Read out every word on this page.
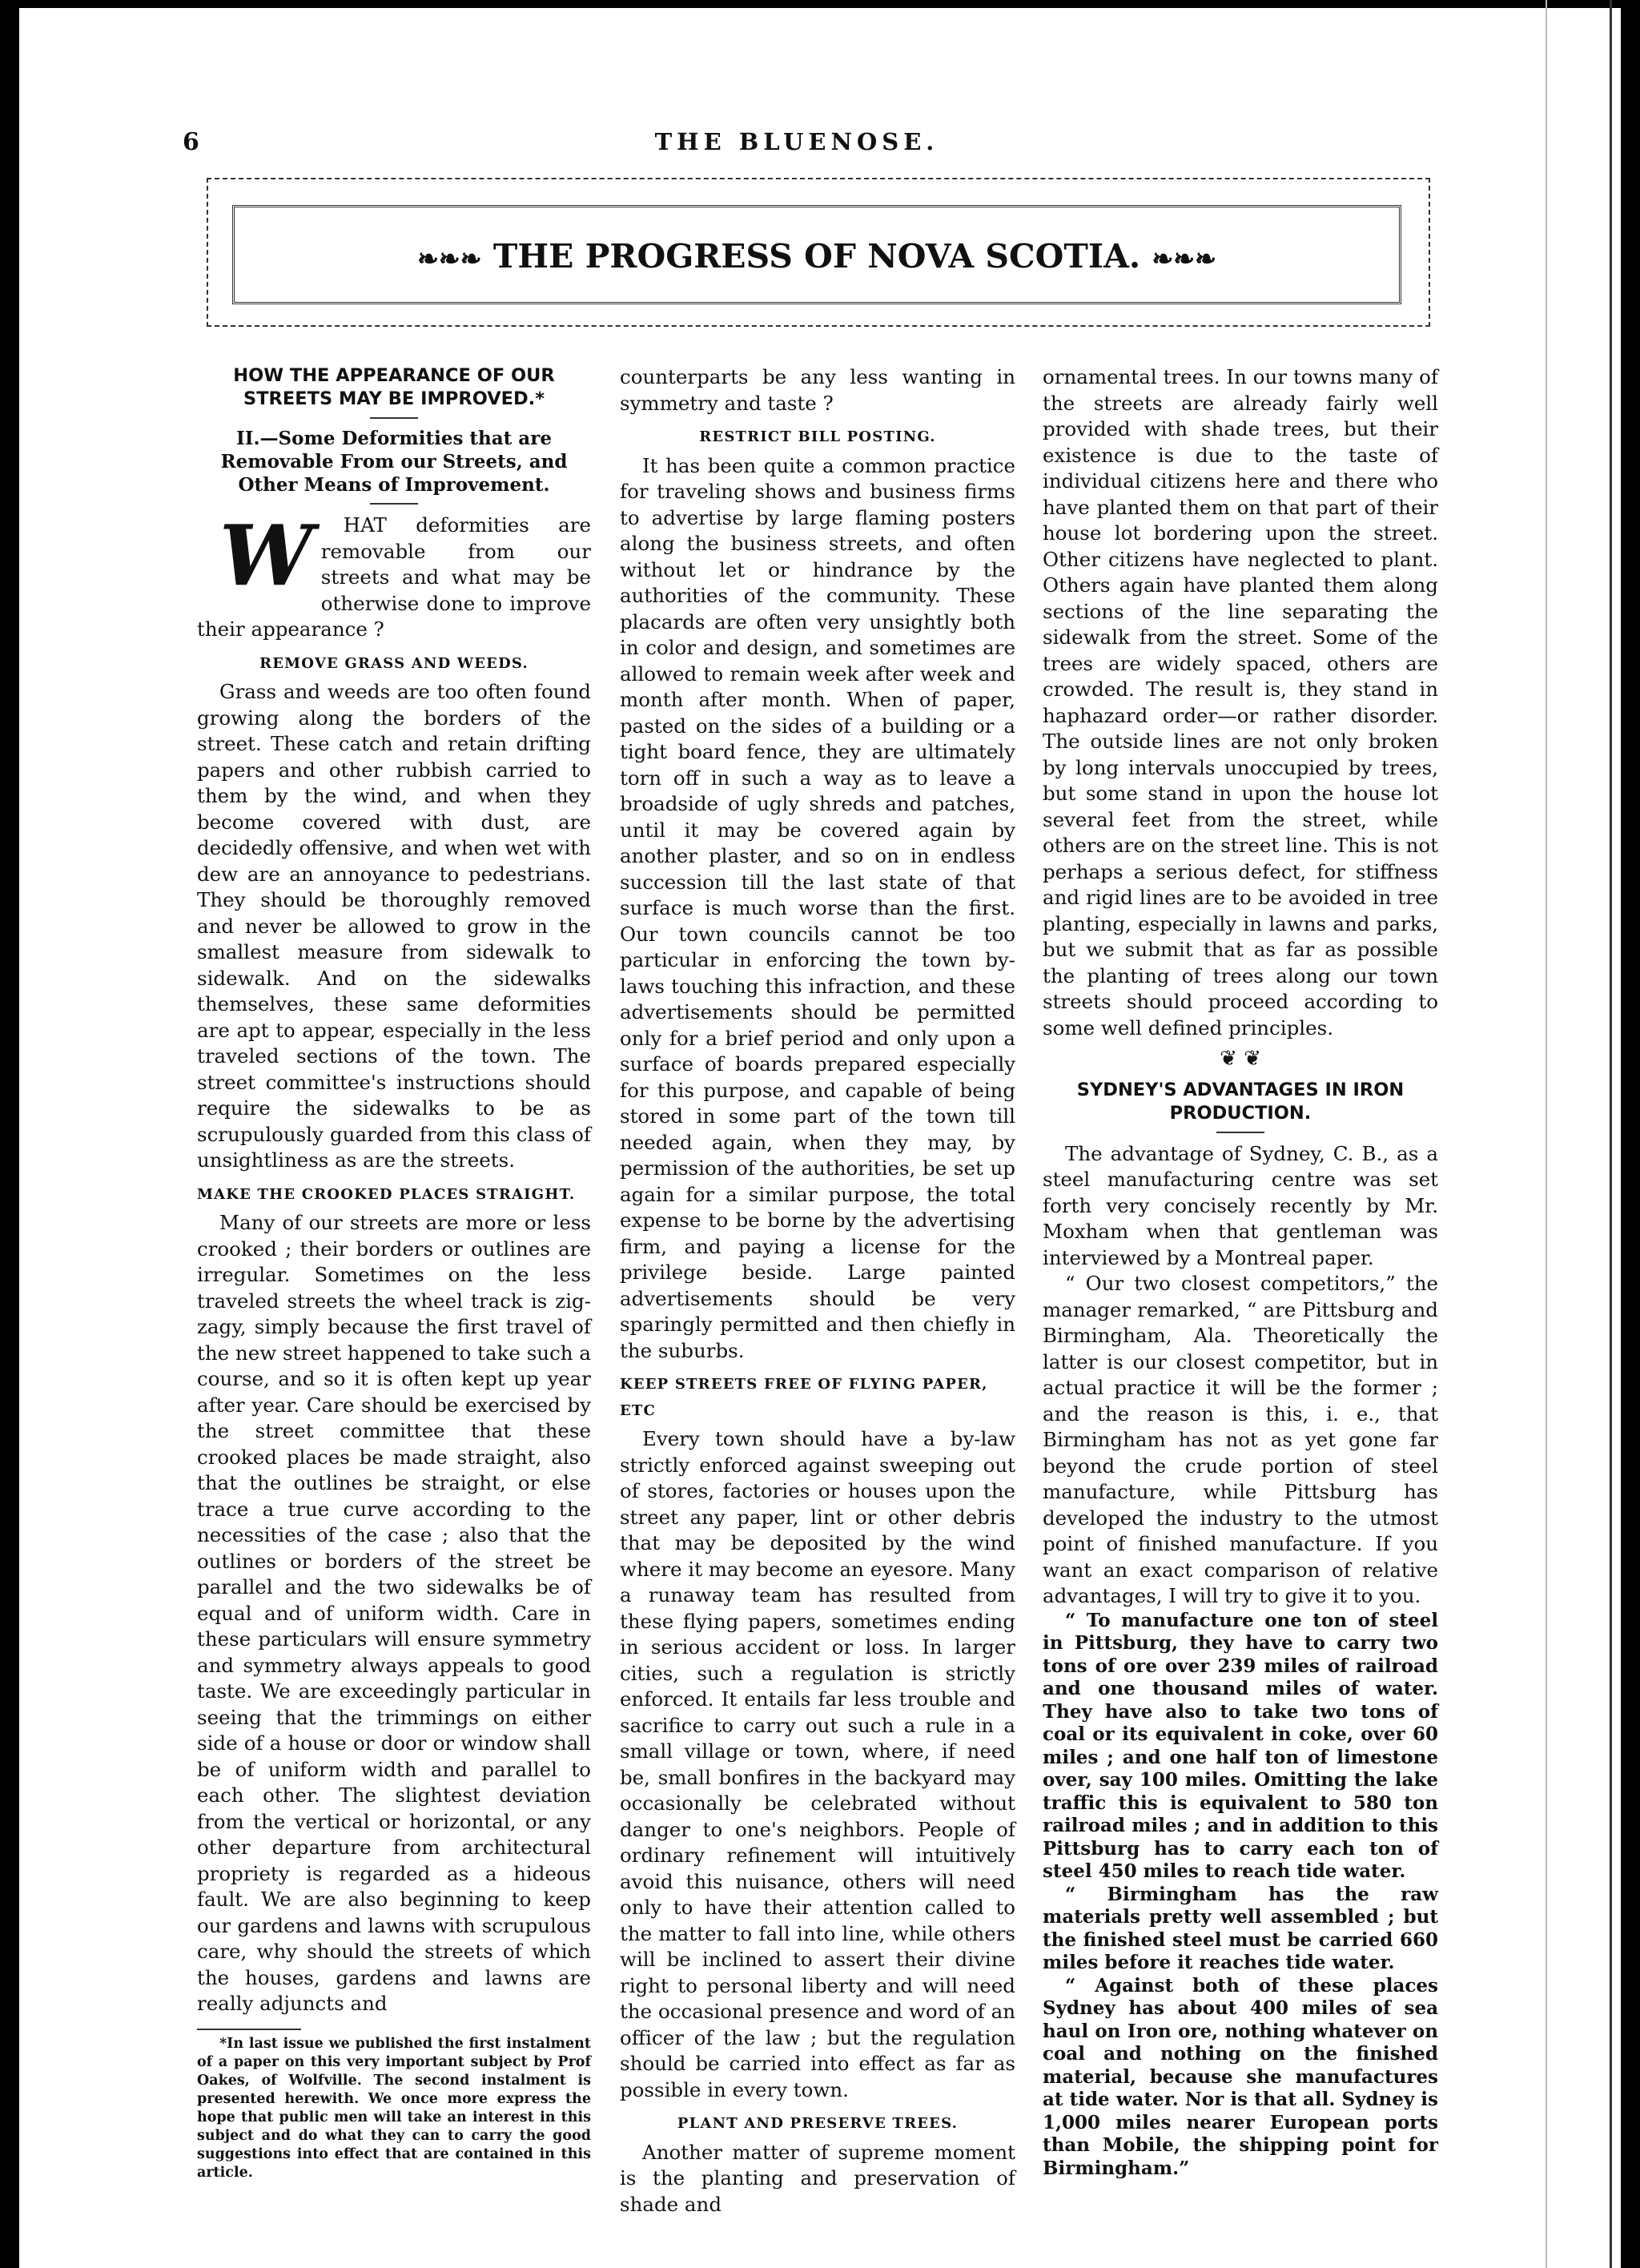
6	THE BLUENOSE.
❧❧❧ THE PROGRESS OF NOVA SCOTIA. ❧❧❧
HOW THE APPEARANCE OF OUR STREETS MAY BE IMPROVED.*
II.—Some Deformities that are Removable From our Streets, and Other Means of Improvement.

W HAT deformities are removable from our streets and what may be otherwise done to improve their appearance ?

REMOVE GRASS AND WEEDS.

Grass and weeds are too often found growing along the borders of the street. These catch and retain drifting papers and other rubbish carried to them by the wind, and when they become covered with dust, are decidedly offensive, and when wet with dew are an annoyance to pedestrians. They should be thoroughly removed and never be allowed to grow in the smallest measure from sidewalk to sidewalk. And on the sidewalks themselves, these same deformities are apt to appear, especially in the less traveled sections of the town. The street committee's instructions should require the sidewalks to be as scrupulously guarded from this class of unsightliness as are the streets.

MAKE THE CROOKED PLACES STRAIGHT.

Many of our streets are more or less crooked ; their borders or outlines are irregular. Sometimes on the less traveled streets the wheel track is zig-zagy, simply because the first travel of the new street happened to take such a course, and so it is often kept up year after year. Care should be exercised by the street committee that these crooked places be made straight, also that the outlines be straight, or else trace a true curve according to the necessities of the case ; also that the outlines or borders of the street be parallel and the two sidewalks be of equal and of uniform width. Care in these particulars will ensure symmetry and symmetry always appeals to good taste. We are exceedingly particular in seeing that the trimmings on either side of a house or door or window shall be of uniform width and parallel to each other. The slightest deviation from the vertical or horizontal, or any other departure from architectural propriety is regarded as a hideous fault. We are also beginning to keep our gardens and lawns with scrupulous care, why should the streets of which the houses, gardens and lawns are really adjuncts and

*In last issue we published the first instalment of a paper on this very important subject by Prof Oakes, of Wolfville. The second instalment is presented herewith. We once more express the hope that public men will take an interest in this subject and do what they can to carry the good suggestions into effect that are contained in this article.

counterparts be any less wanting in symmetry and taste ?

RESTRICT BILL POSTING.

It has been quite a common practice for traveling shows and business firms to advertise by large flaming posters along the business streets, and often without let or hindrance by the authorities of the community. These placards are often very unsightly both in color and design, and sometimes are allowed to remain week after week and month after month. When of paper, pasted on the sides of a building or a tight board fence, they are ultimately torn off in such a way as to leave a broadside of ugly shreds and patches, until it may be covered again by another plaster, and so on in endless succession till the last state of that surface is much worse than the first. Our town councils cannot be too particular in enforcing the town by-laws touching this infraction, and these advertisements should be permitted only for a brief period and only upon a surface of boards prepared especially for this purpose, and capable of being stored in some part of the town till needed again, when they may, by permission of the authorities, be set up again for a similar purpose, the total expense to be borne by the advertising firm, and paying a license for the privilege beside. Large painted advertisements should be very sparingly permitted and then chiefly in the suburbs.

KEEP STREETS FREE OF FLYING PAPER, ETC

Every town should have a by-law strictly enforced against sweeping out of stores, factories or houses upon the street any paper, lint or other debris that may be deposited by the wind where it may become an eyesore. Many a runaway team has resulted from these flying papers, sometimes ending in serious accident or loss. In larger cities, such a regulation is strictly enforced. It entails far less trouble and sacrifice to carry out such a rule in a small village or town, where, if need be, small bonfires in the backyard may occasionally be celebrated without danger to one's neighbors. People of ordinary refinement will intuitively avoid this nuisance, others will need only to have their attention called to the matter to fall into line, while others will be inclined to assert their divine right to personal liberty and will need the occasional presence and word of an officer of the law ; but the regulation should be carried into effect as far as possible in every town.

PLANT AND PRESERVE TREES.

Another matter of supreme moment is the planting and preservation of shade and

ornamental trees. In our towns many of the streets are already fairly well provided with shade trees, but their existence is due to the taste of individual citizens here and there who have planted them on that part of their house lot bordering upon the street. Other citizens have neglected to plant. Others again have planted them along sections of the line separating the sidewalk from the street. Some of the trees are widely spaced, others are crowded. The result is, they stand in haphazard order—or rather disorder. The outside lines are not only broken by long intervals unoccupied by trees, but some stand in upon the house lot several feet from the street, while others are on the street line. This is not perhaps a serious defect, for stiffness and rigid lines are to be avoided in tree planting, especially in lawns and parks, but we submit that as far as possible the planting of trees along our town streets should proceed according to some well defined principles.

❦ ❦
SYDNEY'S ADVANTAGES IN IRON PRODUCTION.

The advantage of Sydney, C. B., as a steel manufacturing centre was set forth very concisely recently by Mr. Moxham when that gentleman was interviewed by a Montreal paper.

“ Our two closest competitors,” the manager remarked, “ are Pittsburg and Birmingham, Ala. Theoretically the latter is our closest competitor, but in actual practice it will be the former ; and the reason is this, i. e., that Birmingham has not as yet gone far beyond the crude portion of steel manufacture, while Pittsburg has developed the industry to the utmost point of finished manufacture. If you want an exact comparison of relative advantages, I will try to give it to you.

“ To manufacture one ton of steel in Pittsburg, they have to carry two tons of ore over 239 miles of railroad and one thousand miles of water. They have also to take two tons of coal or its equivalent in coke, over 60 miles ; and one half ton of limestone over, say 100 miles. Omitting the lake traffic this is equivalent to 580 ton railroad miles ; and in addition to this Pittsburg has to carry each ton of steel 450 miles to reach tide water.

“ Birmingham has the raw materials pretty well assembled ; but the finished steel must be carried 660 miles before it reaches tide water.

“ Against both of these places Sydney has about 400 miles of sea haul on Iron ore, nothing whatever on coal and nothing on the finished material, because she manufactures at tide water. Nor is that all. Sydney is 1,000 miles nearer European ports than Mobile, the shipping point for Birmingham.”
